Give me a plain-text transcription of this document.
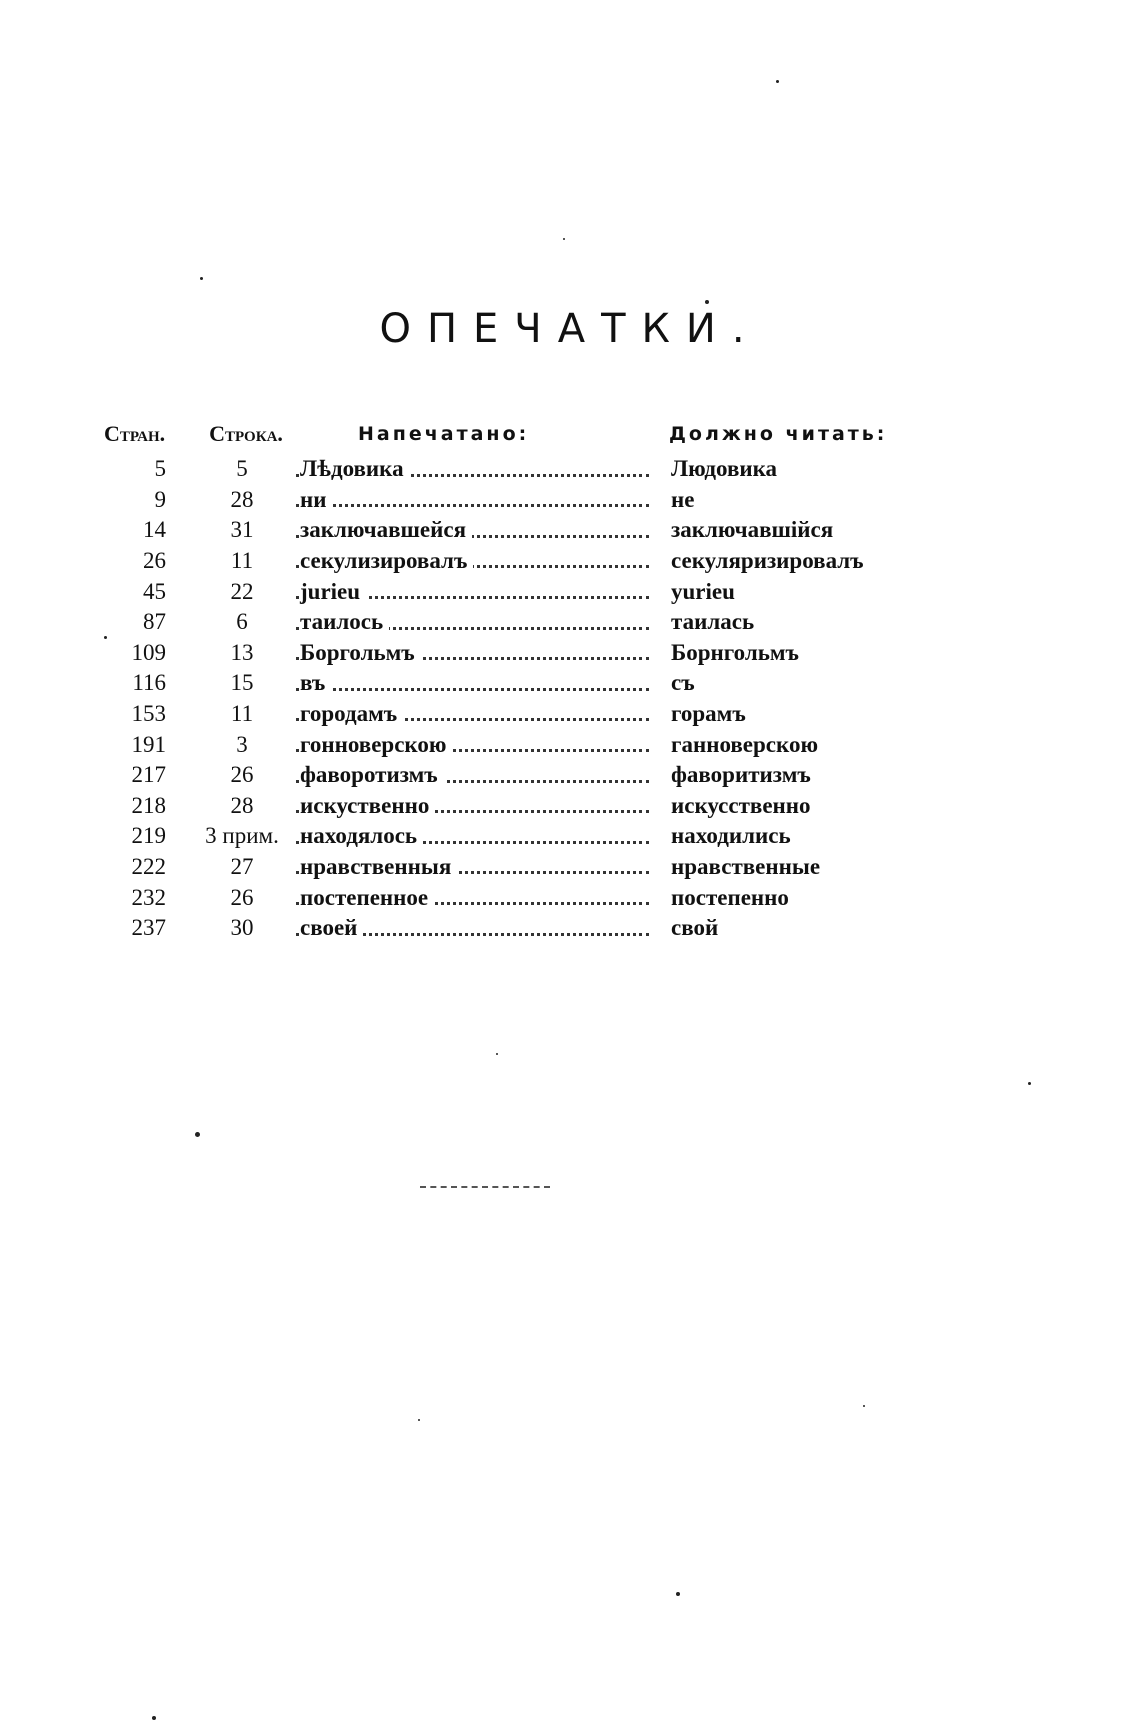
ОПЕЧАТКИ.
Стран.	Строка.	Напечатано:	Должно читать:
5	5	Лѣдовика	Людовика
9	28	ни	не
14	31	заключавшейся	заключавшійся
26	11	секулизировалъ	секуляризировалъ
45	22	jurieu	yurieu
87	6	таилось	таилась
109	13	Боргольмъ	Борнгольмъ
116	15	въ	съ
153	11	городамъ	горамъ
191	3	гонноверскою	ганноверскою
217	26	фаворотизмъ	фаворитизмъ
218	28	искуственно	искусственно
219	3 прим.	находялось	находились
222	27	нравственныя	нравственные
232	26	постепенное	постепенно
237	30	своей	свой
